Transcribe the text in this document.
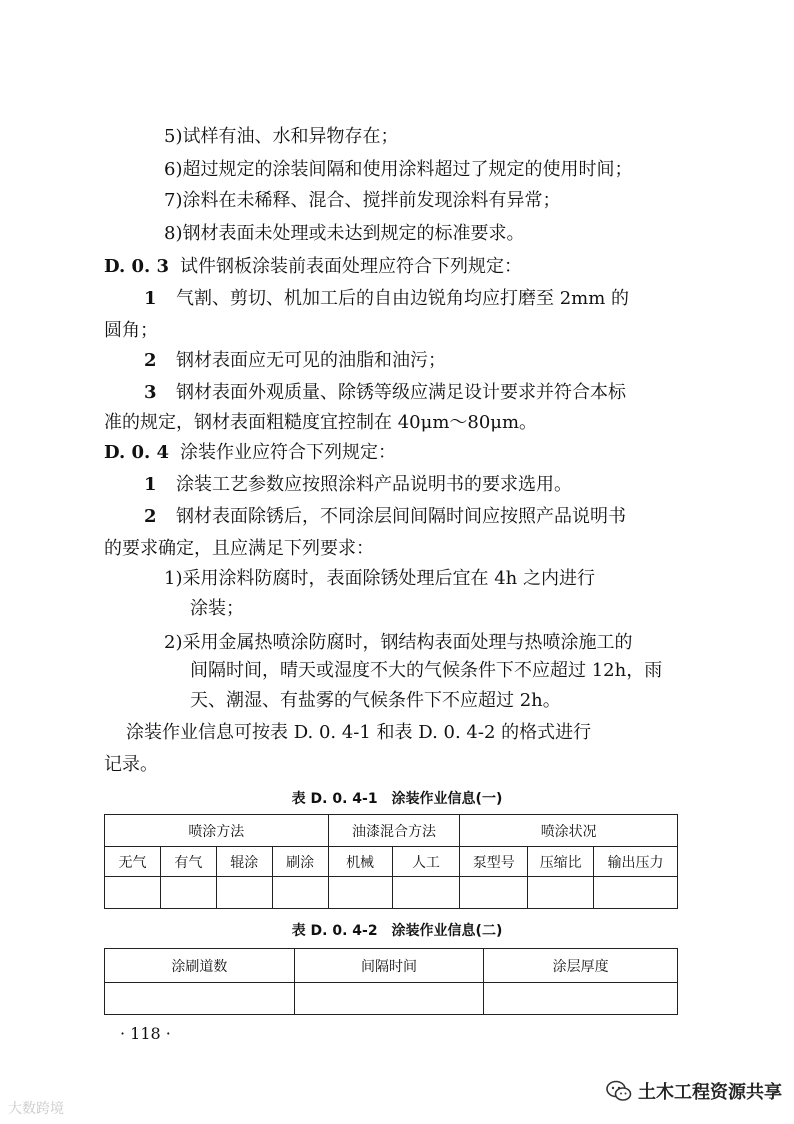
5)试样有油、水和异物存在；
6)超过规定的涂装间隔和使用涂料超过了规定的使用时间；
7)涂料在未稀释、混合、搅拌前发现涂料有异常；
8)钢材表面未处理或未达到规定的标准要求。
D. 0. 3 试件钢板涂装前表面处理应符合下列规定：
1 气割、剪切、机加工后的自由边锐角均应打磨至 2mm 的
圆角；
2 钢材表面应无可见的油脂和油污；
3 钢材表面外观质量、除锈等级应满足设计要求并符合本标
准的规定，钢材表面粗糙度宜控制在 40μm～80μm。
D. 0. 4 涂装作业应符合下列规定：
1 涂装工艺参数应按照涂料产品说明书的要求选用。
2 钢材表面除锈后，不同涂层间间隔时间应按照产品说明书
的要求确定，且应满足下列要求：
1)采用涂料防腐时，表面除锈处理后宜在 4h 之内进行
涂装；
2)采用金属热喷涂防腐时，钢结构表面处理与热喷涂施工的
间隔时间，晴天或湿度不大的气候条件下不应超过 12h，雨
天、潮湿、有盐雾的气候条件下不应超过 2h。
涂装作业信息可按表 D. 0. 4-1 和表 D. 0. 4-2 的格式进行
记录。
表 D. 0. 4-1　涂装作业信息(一)
喷涂方法				油漆混合方法		喷涂状况		
无气	有气	辊涂	刷涂	机械	人工	泵型号	压缩比	输出压力

表 D. 0. 4-2　涂装作业信息(二)
涂刷道数	间隔时间	涂层厚度

· 118 ·
大数跨境
土木工程资源共享
